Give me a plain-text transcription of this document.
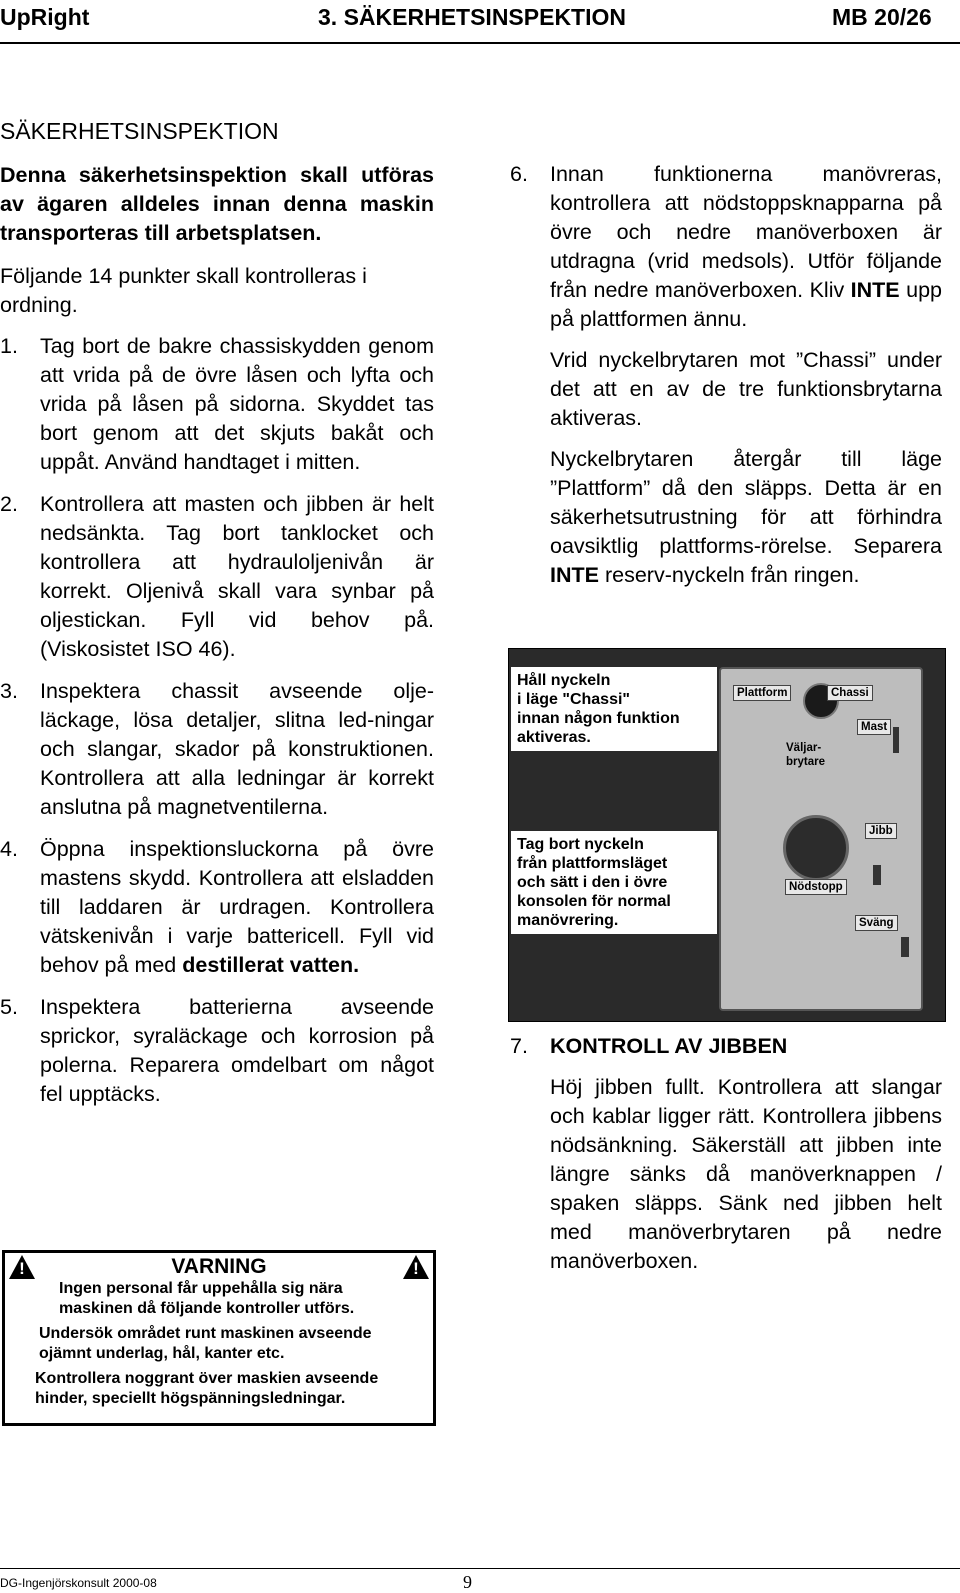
UpRight	3. SÄKERHETSINSPEKTION	MB 20/26
SÄKERHETSINSPEKTION

Denna säkerhetsinspektion skall utföras av ägaren alldeles innan denna maskin transporteras till arbetsplatsen.

Följande 14 punkter skall kontrolleras i ordning.

1.	Tag bort de bakre chassiskydden genom att vrida på de övre låsen och lyfta och vrida på låsen på sidorna. Skyddet tas bort genom att det skjuts bakåt och uppåt. Använd handtaget i mitten.
2.	Kontrollera att masten och jibben är helt nedsänkta. Tag bort tanklocket och kontrollera att hydrauloljenivån är korrekt. Oljenivå skall vara synbar på oljestickan. Fyll vid behov på. (Viskosistet ISO 46).
3.	Inspektera chassit avseende olje-läckage, lösa detaljer, slitna led-ningar och slangar, skador på konstruktionen. Kontrollera att alla ledningar är korrekt anslutna på magnetventilerna.
4.	Öppna inspektionsluckorna på övre mastens skydd. Kontrollera att elsladden till laddaren är urdragen. Kontrollera vätskenivån i varje battericell. Fyll vid behov på med destillerat vatten.
5.	Inspektera batterierna avseende sprickor, syraläckage och korrosion på polerna. Reparera omdelbart om något fel upptäcks.
!	VARNING	!
Ingen personal får uppehålla sig nära
maskinen då följande kontroller utförs.
Undersök området runt maskinen avseende
ojämnt underlag, hål, kanter etc.
Kontrollera noggrant över maskien avseende
hinder, speciellt högspänningsledningar.
6.	Innan funktionerna manövreras, kontrollera att nödstoppsknapparna på övre och nedre manöverboxen är utdragna (vrid medsols). Utför följande från nedre manöverboxen. Kliv INTE upp på plattformen ännu.

Vrid nyckelbrytaren mot ”Chassi” under det att en av de tre funktionsbrytarna aktiveras.

Nyckelbrytaren återgår till läge ”Plattform” då den släpps. Detta är en säkerhetsutrustning för att förhindra oavsiktlig plattforms-rörelse. Separera INTE reserv-nyckeln från ringen.

Plattform	Chassi
Mast
Väljar-
brytare
Jibb
Nödstopp
Sväng
Håll nyckeln
i läge "Chassi"
innan någon funktion
aktiveras.
Tag bort nyckeln
från plattformsläget
och sätt i den i övre
konsolen för normal
manövrering.
7.	KONTROLL AV JIBBEN

Höj jibben fullt. Kontrollera att slangar och kablar ligger rätt. Kontrollera jibbens nödsänkning. Säkerställ att jibben inte längre sänks då manöverknappen / spaken släpps. Sänk ned jibben helt med manöverbrytaren på nedre manöverboxen.

DG-Ingenjörskonsult 2000-08	9
